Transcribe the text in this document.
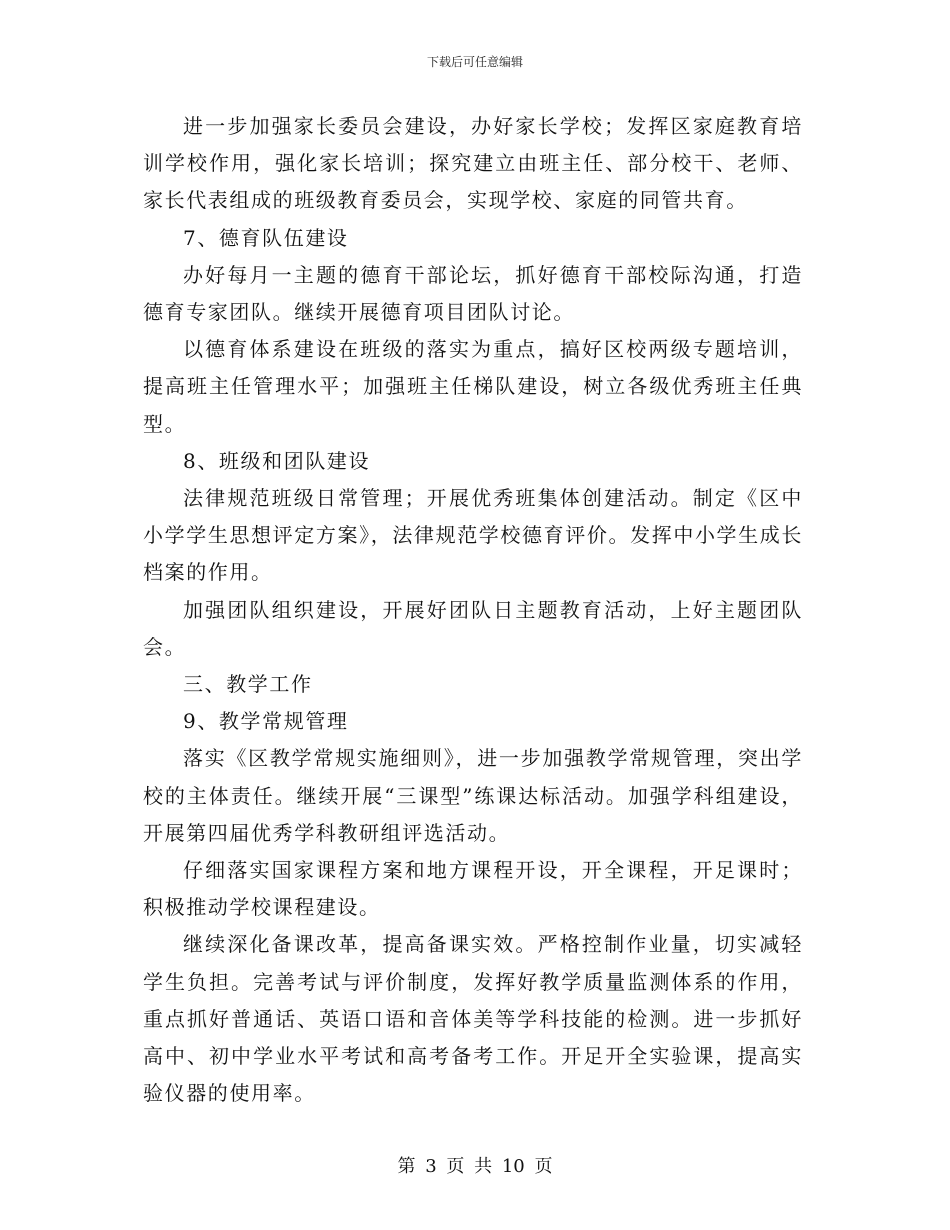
下载后可任意编辑

进一步加强家长委员会建设，办好家长学校；发挥区家庭教育培训学校作用，强化家长培训；探究建立由班主任、部分校干、老师、家长代表组成的班级教育委员会，实现学校、家庭的同管共育。

7、德育队伍建设

办好每月一主题的德育干部论坛，抓好德育干部校际沟通，打造德育专家团队。继续开展德育项目团队讨论。

以德育体系建设在班级的落实为重点，搞好区校两级专题培训，提高班主任管理水平；加强班主任梯队建设，树立各级优秀班主任典型。

8、班级和团队建设

法律规范班级日常管理；开展优秀班集体创建活动。制定《区中小学学生思想评定方案》，法律规范学校德育评价。发挥中小学生成长档案的作用。

加强团队组织建设，开展好团队日主题教育活动，上好主题团队会。

三、教学工作

9、教学常规管理

落实《区教学常规实施细则》，进一步加强教学常规管理，突出学校的主体责任。继续开展“三课型”练课达标活动。加强学科组建设，开展第四届优秀学科教研组评选活动。

仔细落实国家课程方案和地方课程开设，开全课程，开足课时；积极推动学校课程建设。

继续深化备课改革，提高备课实效。严格控制作业量，切实减轻学生负担。完善考试与评价制度，发挥好教学质量监测体系的作用，重点抓好普通话、英语口语和音体美等学科技能的检测。进一步抓好高中、初中学业水平考试和高考备考工作。开足开全实验课，提高实验仪器的使用率。

第 3 页 共 10 页
